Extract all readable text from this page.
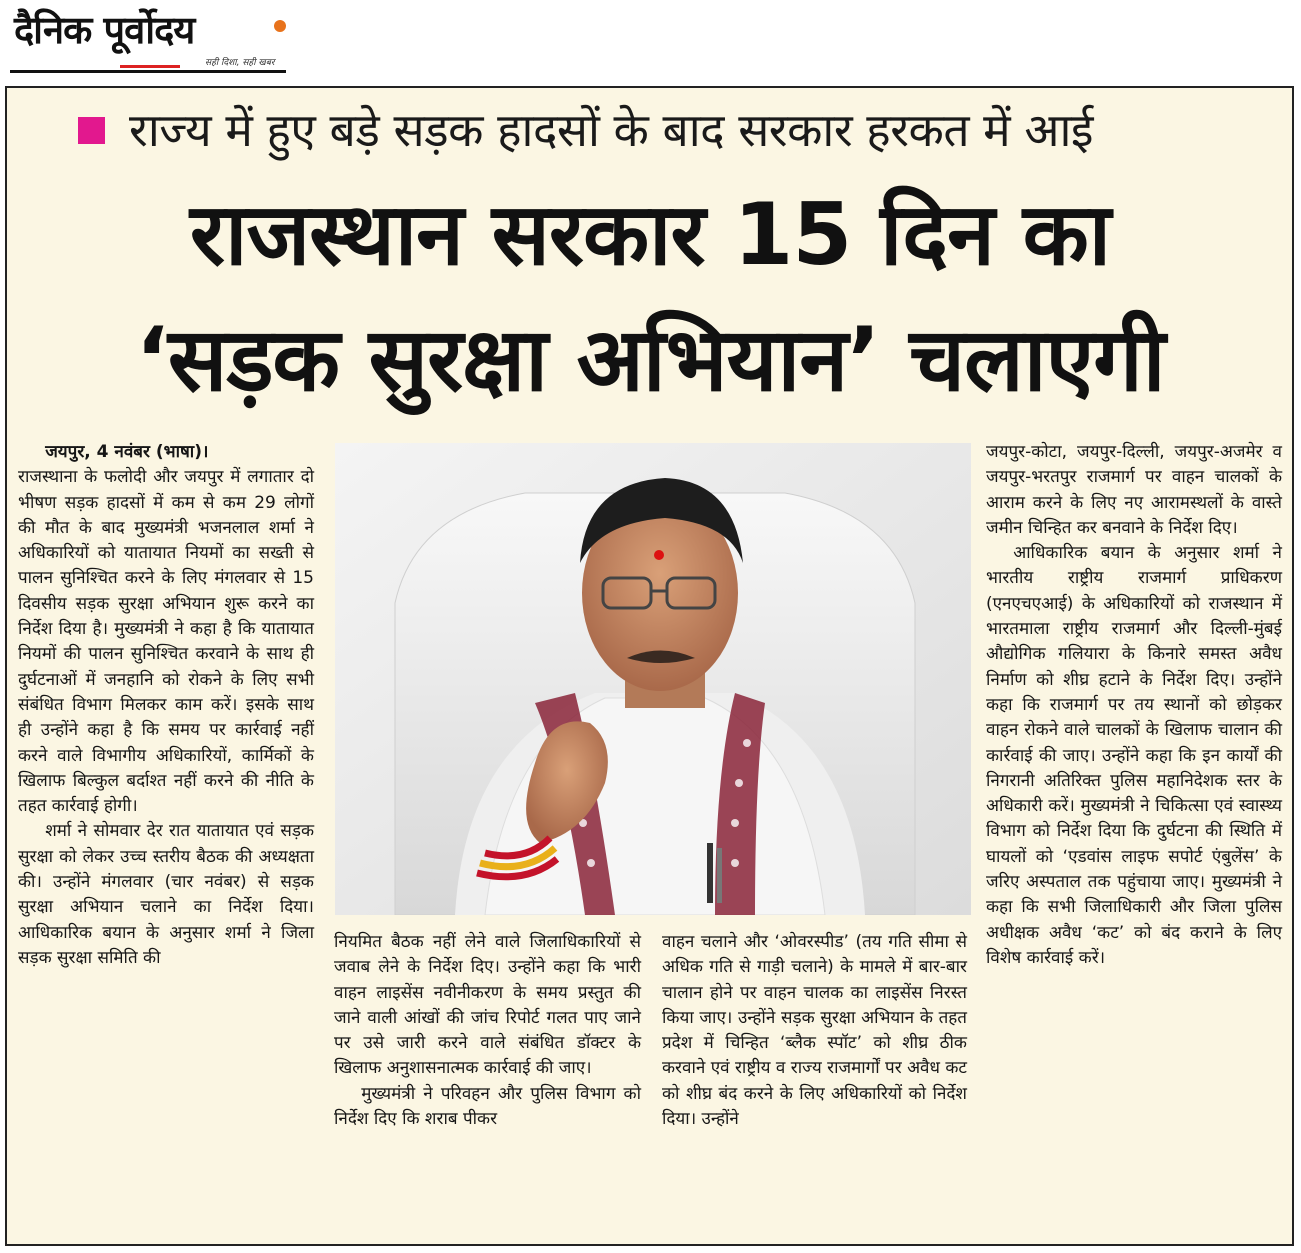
दैनिक पूर्वोदय
सही दिशा, सही खबर
राज्य में हुए बड़े सड़क हादसों के बाद सरकार हरकत में आई
राजस्थान सरकार 15 दिन का
‘सड़क सुरक्षा अभियान’ चलाएगी

जयपुर, 4 नवंबर (भाषा)।

राजस्थाना के फलोदी और जयपुर में लगातार दो भीषण सड़क हादसों में कम से कम 29 लोगों की मौत के बाद मुख्यमंत्री भजनलाल शर्मा ने अधिकारियों को यातायात नियमों का सख्ती से पालन सुनिश्चित करने के लिए मंगलवार से 15 दिवसीय सड़क सुरक्षा अभियान शुरू करने का निर्देश दिया है। मुख्यमंत्री ने कहा है कि यातायात नियमों की पालन सुनिश्चित करवाने के साथ ही दुर्घटनाओं में जनहानि को रोकने के लिए सभी संबंधित विभाग मिलकर काम करें। इसके साथ ही उन्होंने कहा है कि समय पर कार्रवाई नहीं करने वाले विभागीय अधिकारियों, कार्मिकों के खिलाफ बिल्कुल बर्दाश्त नहीं करने की नीति के तहत कार्रवाई होगी।

शर्मा ने सोमवार देर रात यातायात एवं सड़क सुरक्षा को लेकर उच्च स्तरीय बैठक की अध्यक्षता की। उन्होंने मंगलवार (चार नवंबर) से सड़क सुरक्षा अभियान चलाने का निर्देश दिया। आधिकारिक बयान के अनुसार शर्मा ने जिला सड़क सुरक्षा समिति की

नियमित बैठक नहीं लेने वाले जिलाधिकारियों से जवाब लेने के निर्देश दिए। उन्होंने कहा कि भारी वाहन लाइसेंस नवीनीकरण के समय प्रस्तुत की जाने वाली आंखों की जांच रिपोर्ट गलत पाए जाने पर उसे जारी करने वाले संबंधित डॉक्टर के खिलाफ अनुशासनात्मक कार्रवाई की जाए।

मुख्यमंत्री ने परिवहन और पुलिस विभाग को निर्देश दिए कि शराब पीकर

वाहन चलाने और ‘ओवरस्पीड’ (तय गति सीमा से अधिक गति से गाड़ी चलाने) के मामले में बार-बार चालान होने पर वाहन चालक का लाइसेंस निरस्त किया जाए। उन्होंने सड़क सुरक्षा अभियान के तहत प्रदेश में चिन्हित ‘ब्लैक स्पॉट’ को शीघ्र ठीक करवाने एवं राष्ट्रीय व राज्य राजमार्गों पर अवैध कट को शीघ्र बंद करने के लिए अधिकारियों को निर्देश दिया। उन्होंने

जयपुर-कोटा, जयपुर-दिल्ली, जयपुर-अजमेर व जयपुर-भरतपुर राजमार्ग पर वाहन चालकों के आराम करने के लिए नए आरामस्थलों के वास्ते जमीन चिन्हित कर बनवाने के निर्देश दिए।

आधिकारिक बयान के अनुसार शर्मा ने भारतीय राष्ट्रीय राजमार्ग प्राधिकरण (एनएचएआई) के अधिकारियों को राजस्थान में भारतमाला राष्ट्रीय राजमार्ग और दिल्ली-मुंबई औद्योगिक गलियारा के किनारे समस्त अवैध निर्माण को शीघ्र हटाने के निर्देश दिए। उन्होंने कहा कि राजमार्ग पर तय स्थानों को छोड़कर वाहन रोकने वाले चालकों के खिलाफ चालान की कार्रवाई की जाए। उन्होंने कहा कि इन कार्यों की निगरानी अतिरिक्त पुलिस महानिदेशक स्तर के अधिकारी करें। मुख्यमंत्री ने चिकित्सा एवं स्वास्थ्य विभाग को निर्देश दिया कि दुर्घटना की स्थिति में घायलों को ‘एडवांस लाइफ सपोर्ट एंबुलेंस’ के जरिए अस्पताल तक पहुंचाया जाए। मुख्यमंत्री ने कहा कि सभी जिलाधिकारी और जिला पुलिस अधीक्षक अवैध ‘कट’ को बंद कराने के लिए विशेष कार्रवाई करें।
